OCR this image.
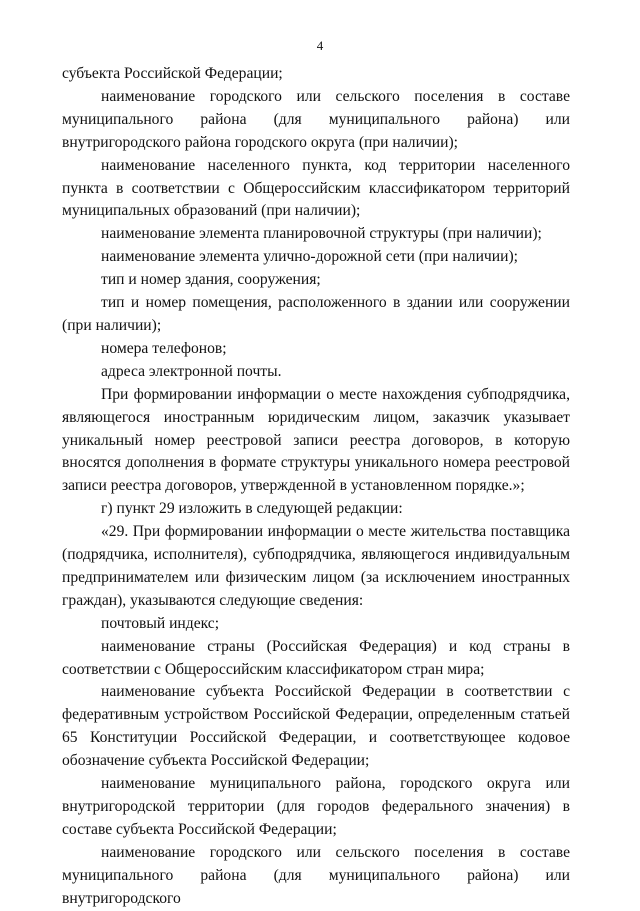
4

субъекта Российской Федерации;

наименование городского или сельского поселения в составе муниципального района (для муниципального района) или внутригородского района городского округа (при наличии);

наименование населенного пункта, код территории населенного пункта в соответствии с Общероссийским классификатором территорий муниципальных образований (при наличии);

наименование элемента планировочной структуры (при наличии);

наименование элемента улично-дорожной сети (при наличии);

тип и номер здания, сооружения;

тип и номер помещения, расположенного в здании или сооружении (при наличии);

номера телефонов;

адреса электронной почты.

При формировании информации о месте нахождения субподрядчика, являющегося иностранным юридическим лицом, заказчик указывает уникальный номер реестровой записи реестра договоров, в которую вносятся дополнения в формате структуры уникального номера реестровой записи реестра договоров, утвержденной в установленном порядке.»;

г) пункт 29 изложить в следующей редакции:

«29. При формировании информации о месте жительства поставщика (подрядчика, исполнителя), субподрядчика, являющегося индивидуальным предпринимателем или физическим лицом (за исключением иностранных граждан), указываются следующие сведения:

почтовый индекс;

наименование страны (Российская Федерация) и код страны в соответствии с Общероссийским классификатором стран мира;

наименование субъекта Российской Федерации в соответствии с федеративным устройством Российской Федерации, определенным статьей 65 Конституции Российской Федерации, и соответствующее кодовое обозначение субъекта Российской Федерации;

наименование муниципального района, городского округа или внутригородской территории (для городов федерального значения) в составе субъекта Российской Федерации;

наименование городского или сельского поселения в составе муниципального района (для муниципального района) или внутригородского
